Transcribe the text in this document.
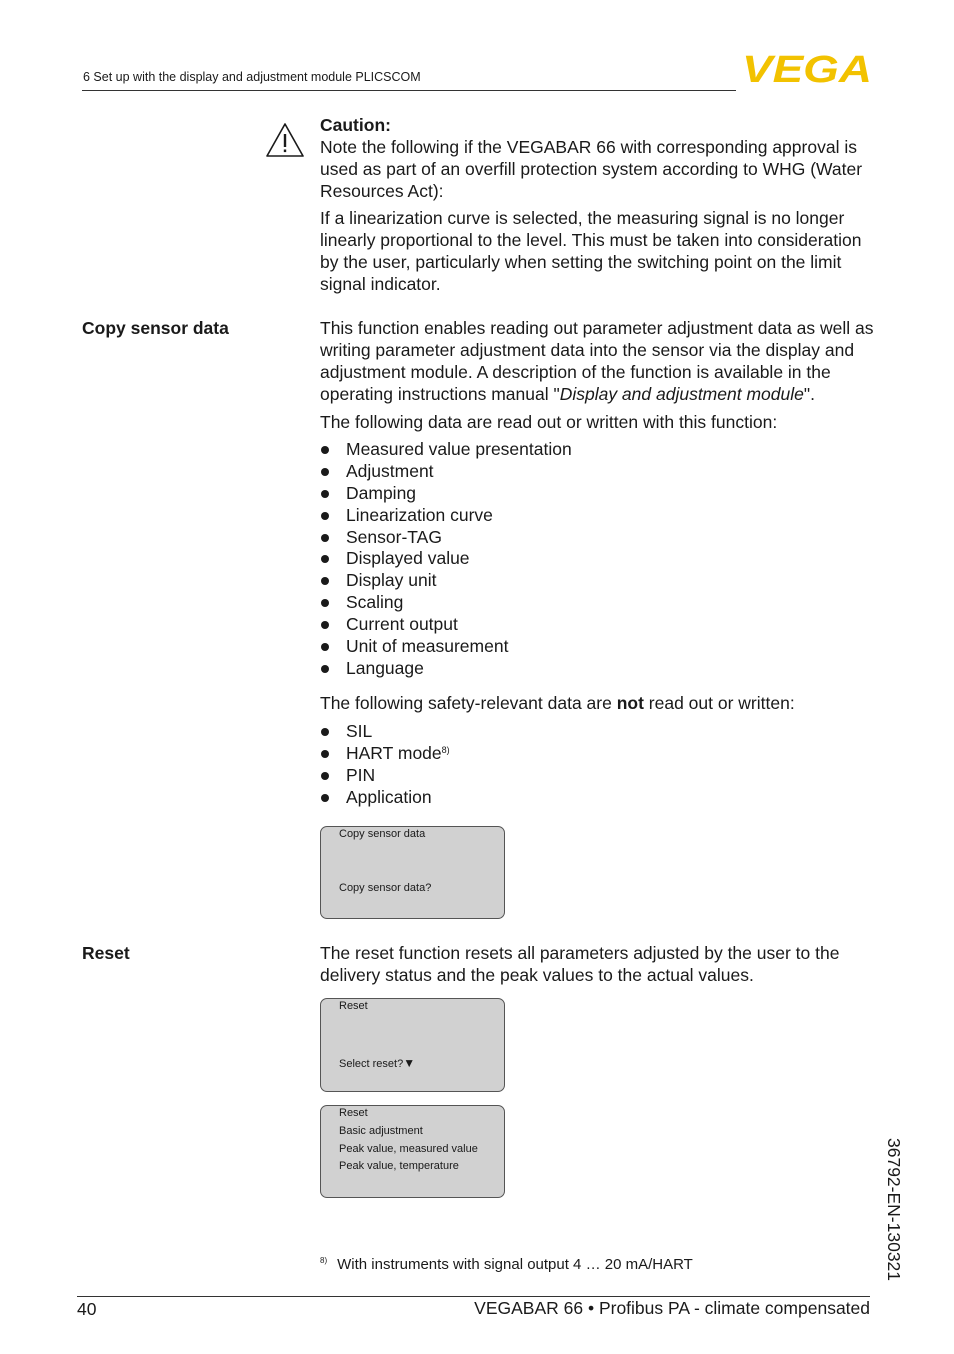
6 Set up with the display and adjustment module PLICSCOM	VEGA
Caution:
Note the following if the VEGABAR 66 with corresponding approval is used as part of an overfill protection system according to WHG (Water Resources Act):
If a linearization curve is selected, the measuring signal is no longer linearly proportional to the level. This must be taken into consideration by the user, particularly when setting the switching point on the limit signal indicator.
Copy sensor data	This function enables reading out parameter adjustment data as well as writing parameter adjustment data into the sensor via the display and adjustment module. A description of the function is available in the operating instructions manual "Display and adjustment module".
The following data are read out or written with this function:
Measured value presentation
Adjustment
Damping
Linearization curve
Sensor-TAG
Displayed value
Display unit
Scaling
Current output
Unit of measurement
Language
The following safety-relevant data are not read out or written:
SIL
HART mode$^{8)}$
PIN
Application
Copy sensor data
Copy sensor data?
Reset	The reset function resets all parameters adjusted by the user to the delivery status and the peak values to the actual values.
Reset
Select reset?▼
Reset
Basic adjustment
Peak value, measured value
Peak value, temperature
$^{8)}$ With instruments with signal output 4 … 20 mA/HART	36792-EN-130321
40	VEGABAR 66 • Profibus PA - climate compensated
